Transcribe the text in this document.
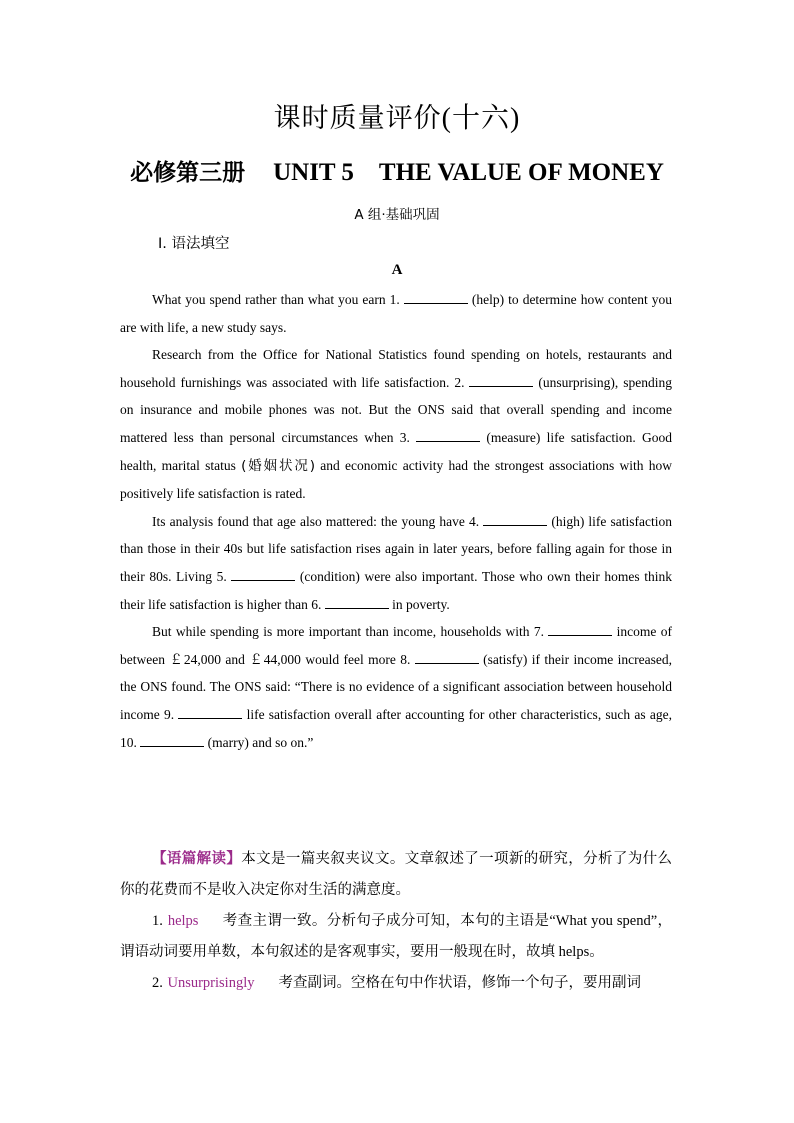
课时质量评价(十六)
必修第三册 UNIT 5　THE VALUE OF MONEY
A 组·基础巩固
Ⅰ. 语法填空
A

What you spend rather than what you earn 1.	(help) to determine how content you are with life, a new study says.

Research from the Office for National Statistics found spending on hotels, restaurants and household furnishings was associated with life satisfaction. 2.	(unsurprising), spending on insurance and mobile phones was not. But the ONS said that overall spending and income mattered less than personal circumstances when 3.	(measure) life satisfaction. Good health, marital status (婚姻状况) and economic activity had the strongest associations with how positively life satisfaction is rated.

Its analysis found that age also mattered: the young have 4.	(high) life satisfaction than those in their 40s but life satisfaction rises again in later years, before falling again for those in their 80s. Living 5.	(condition) were also important. Those who own their homes think their life satisfaction is higher than 6.	in poverty.

But while spending is more important than income, households with 7.	income of between ￡24,000 and ￡44,000 would feel more 8.	(satisfy) if their income increased, the ONS found. The ONS said: “There is no evidence of a significant association between household income 9.	life satisfaction overall after accounting for other characteristics, such as age, 10.	(marry) and so on.”

【语篇解读】本文是一篇夹叙夹议文。文章叙述了一项新的研究，分析了为什么你的花费而不是收入决定你对生活的满意度。

1. helps 考查主谓一致。分析句子成分可知，本句的主语是“What you spend”，谓语动词要用单数，本句叙述的是客观事实，要用一般现在时，故填 helps。

2. Unsurprisingly 考查副词。空格在句中作状语，修饰一个句子，要用副词
